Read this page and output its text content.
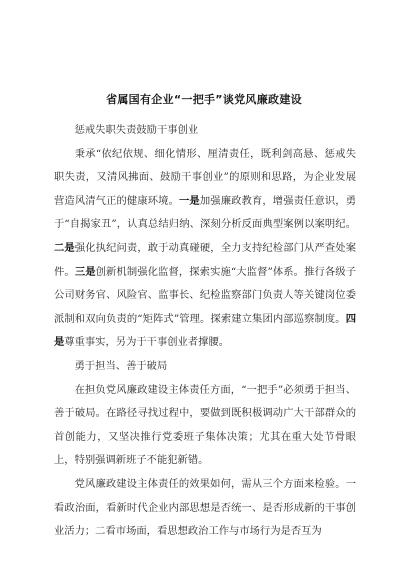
省属国有企业“一把手”谈党风廉政建设

惩戒失职失责鼓励干事创业

秉承“依纪依规、细化情形、厘清责任，既利剑高悬、惩戒失职失责，又清风拂面、鼓励干事创业”的原则和思路，为企业发展营造风清气正的健康环境。一是加强廉政教育，增强责任意识，勇于“自揭家丑”，认真总结归纳、深刻分析反面典型案例以案明纪。二是强化执纪问责，敢于动真碰硬，全力支持纪检部门从严查处案件。三是创新机制强化监督，探索实施“大监督”体系。推行各级子公司财务官、风险官、监事长、纪检监察部门负责人等关键岗位委派制和双向负责的“矩阵式”管理。探索建立集团内部巡察制度。四是尊重事实，另为于干事创业者撑腰。

勇于担当、善于破局

在担负党风廉政建设主体责任方面，“一把手”必须勇于担当、善于破局。在路径寻找过程中，要做到既积极调动广大干部群众的首创能力，又坚决推行党委班子集体决策；尤其在重大处节骨眼上，特别强调新班子不能犯新错。

党风廉政建设主体责任的效果如何，需从三个方面来检验。一看政治面，看新时代企业内部思想是否统一、是否形成新的干事创业活力；二看市场面，看思想政治工作与市场行为是否互为
